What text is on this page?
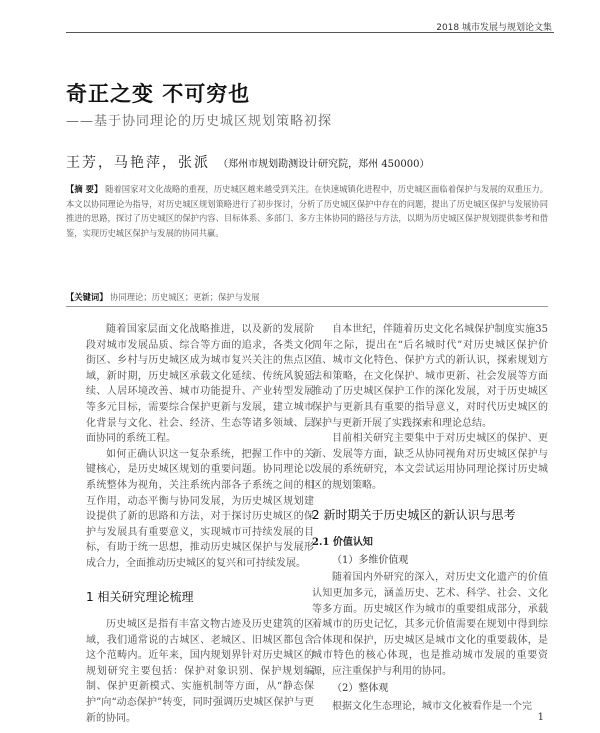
2018 城市发展与规划论文集
奇正之变 不可穷也
——基于协同理论的历史城区规划策略初探
王芳，马艳萍，张派 （郑州市规划勘测设计研究院，郑州 450000）
【摘 要】 随着国家对文化战略的重视，历史城区越来越受到关注。在快速城镇化进程中，历史城区面临着保护与发展的双重压力。本文以协同理论为指导，对历史城区规划策略进行了初步探讨，分析了历史城区保护中存在的问题，提出了历史城区保护与发展协同推进的思路，探讨了历史城区的保护内容、目标体系、多部门、多方主体协同的路径与方法，以期为历史城区保护规划提供参考和借鉴，实现历史城区保护与发展的协同共赢。
【关键词】 协同理论；历史城区；更新；保护与发展

随着国家层面文化战略推进，以及新的发展阶段对城市发展品质、综合等方面的追求，各类文化街区、乡村与历史城区成为城市复兴关注的焦点区域，新时期，历史城区承载文化延续、传统风貌延续、人居环境改善、城市功能提升、产业转型发展等多元目标，需要综合保护更新与发展，建立城市化背景与文化、社会、经济、生态等诸多领域、层面协同的系统工程。

如何正确认识这一复杂系统，把握工作中的关键核心，是历史城区规划的重要问题。协同理论以系统整体为视角，关注系统内部各子系统之间的相互作用，动态平衡与协同发展，为历史城区规划建设提供了新的思路和方法，对于探讨历史城区的保护与发展具有重要意义，实现城市可持续发展的目标，有助于统一思想，推动历史城区保护与发展形成合力，全面推动历史城区的复兴和可持续发展。

1 相关研究理论梳理

历史城区是指有丰富文物古迹及历史建筑的区域，我们通常说的古城区、老城区、旧城区都包含这个范畴内。近年来，国内规划界针对历史城区的规划研究主要包括：保护对象识别、保护规划编制、保护更新模式、实施机制等方面，从“静态保护”向“动态保护”转变，同时强调历史城区保护与更新的协同。

自本世纪，伴随着历史文化名城保护制度实施35周年之际，提出在“后名城时代”对历史城区保护价值、城市文化特色、保护方式的新认识，探索规划方法和策略，在文化保护、城市更新、社会发展等方面推动了历史城区保护工作的深化发展，对于历史城区保护与更新具有重要的指导意义，对时代历史城区的保护与更新开展了实践探索和理论总结。

目前相关研究主要集中于对历史城区的保护、更新、发展等方面，缺乏从协同视角对历史城区保护与发展的系统研究，本文尝试运用协同理论探讨历史城区的规划策略。

2 新时期关于历史城区的新认识与思考
2.1 价值认知
（1）多维价值观

随着国内外研究的深入，对历史文化遗产的价值认知更加多元，涵盖历史、艺术、科学、社会、文化等多方面。历史城区作为城市的重要组成部分，承载着城市的历史记忆，其多元价值需要在规划中得到综合体现和保护，历史城区是城市文化的重要载体，是城市特色的核心体现，也是推动城市发展的重要资源，应注重保护与利用的协同。

（2）整体观

根据文化生态理论，城市文化被看作是一个完

1
